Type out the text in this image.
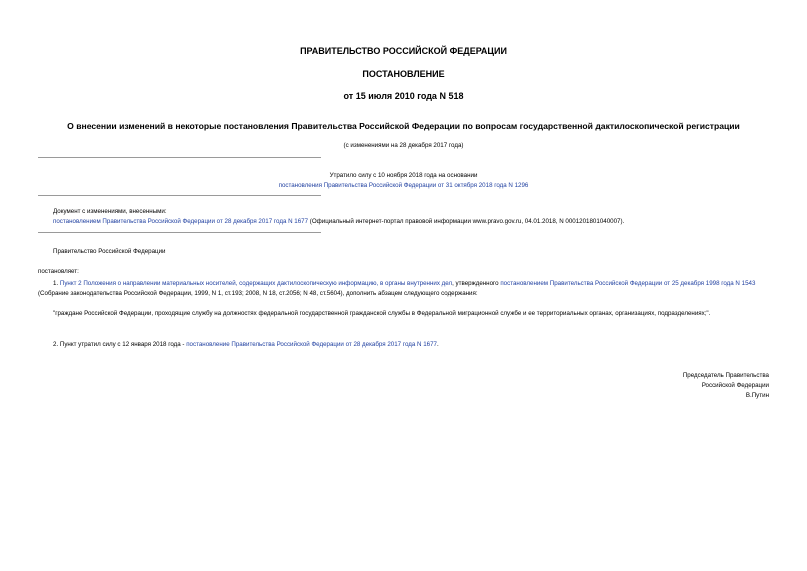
ПРАВИТЕЛЬСТВО РОССИЙСКОЙ ФЕДЕРАЦИИ
ПОСТАНОВЛЕНИЕ
от 15 июля 2010 года N 518
О внесении изменений в некоторые постановления Правительства Российской Федерации по вопросам государственной дактилоскопической регистрации
(с изменениями на 28 декабря 2017 года)
Утратило силу с 10 ноября 2018 года на основании
постановления Правительства Российской Федерации от 31 октября 2018 года N 1296
Документ с изменениями, внесенными:
постановлением Правительства Российской Федерации от 28 декабря 2017 года N 1677 (Официальный интернет-портал правовой информации www.pravo.gov.ru, 04.01.2018, N 0001201801040007).
Правительство Российской Федерации
постановляет:
1. Пункт 2 Положения о направлении материальных носителей, содержащих дактилоскопическую информацию, в органы внутренних дел, утвержденного постановлением Правительства Российской Федерации от 25 декабря 1998 года N 1543 (Собрание законодательства Российской Федерации, 1999, N 1, ст.193; 2008, N 18, ст.2056; N 48, ст.5604), дополнить абзацем следующего содержания:
"граждане Российской Федерации, проходящие службу на должностях федеральной государственной гражданской службы в Федеральной миграционной службе и ее территориальных органах, организациях, подразделениях;".
2. Пункт утратил силу с 12 января 2018 года - постановление Правительства Российской Федерации от 28 декабря 2017 года N 1677.
Председатель Правительства
Российской Федерации
В.Путин
